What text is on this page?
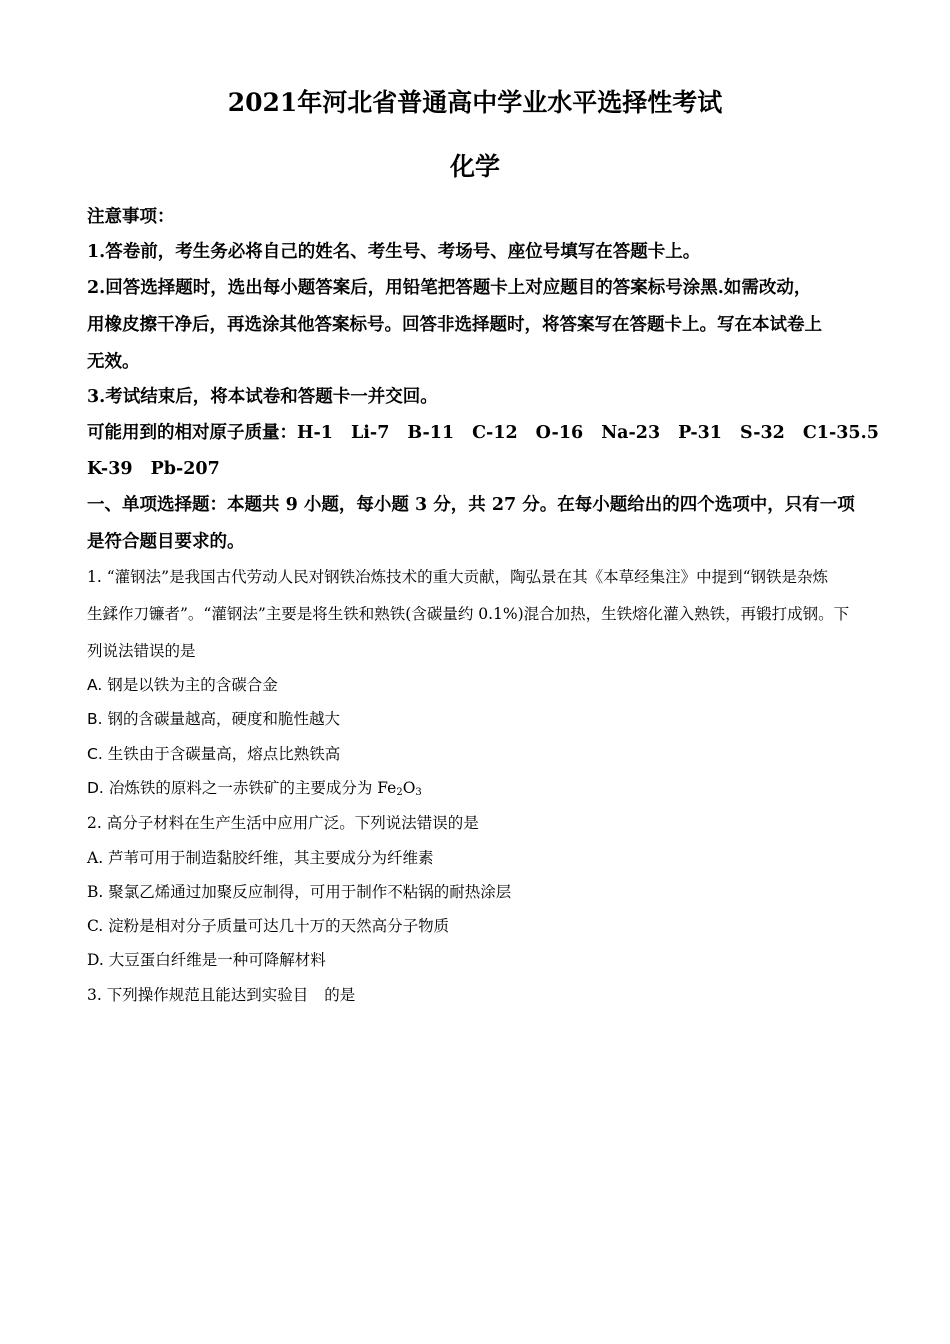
2021年河北省普通高中学业水平选择性考试
化学
注意事项：
1.答卷前，考生务必将自己的姓名、考生号、考场号、座位号填写在答题卡上。
2.回答选择题时，选出每小题答案后，用铅笔把答题卡上对应题目的答案标号涂黑.如需改动，
用橡皮擦干净后，再选涂其他答案标号。回答非选择题时，将答案写在答题卡上。写在本试卷上
无效。
3.考试结束后，将本试卷和答题卡一并交回。
可能用到的相对原子质量：H-1 Li-7 B-11 C-12 O-16 Na-23 P-31 S-32 C1-35.5
K-39 Pb-207
一、单项选择题：本题共 9 小题，每小题 3 分，共 27 分。在每小题给出的四个选项中，只有一项
是符合题目要求的。
1. “灌钢法”是我国古代劳动人民对钢铁冶炼技术的重大贡献，陶弘景在其《本草经集注》中提到“钢铁是杂炼
生鍒作刀镰者”。“灌钢法”主要是将生铁和熟铁(含碳量约 0.1%)混合加热，生铁熔化灌入熟铁，再锻打成钢。下
列说法错误的是
A. 钢是以铁为主的含碳合金
B. 钢的含碳量越高，硬度和脆性越大
C. 生铁由于含碳量高，熔点比熟铁高
D. 冶炼铁的原料之一赤铁矿的主要成分为 $Fe_2O_3$
2. 高分子材料在生产生活中应用广泛。下列说法错误的是
A. 芦苇可用于制造黏胶纤维，其主要成分为纤维素
B. 聚氯乙烯通过加聚反应制得，可用于制作不粘锅的耐热涂层
C. 淀粉是相对分子质量可达几十万的天然高分子物质
D. 大豆蛋白纤维是一种可降解材料
3. 下列操作规范且能达到实验目 的是
